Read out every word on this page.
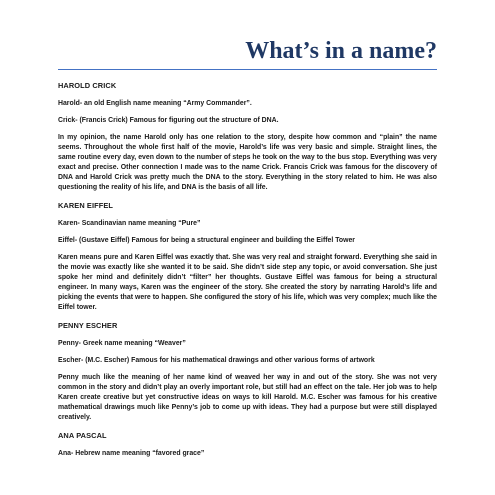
What’s in a name?
HAROLD CRICK
Harold- an old English name meaning “Army Commander”.
Crick- (Francis Crick) Famous for figuring out the structure of DNA.
In my opinion, the name Harold only has one relation to the story, despite how common and “plain” the name seems. Throughout the whole first half of the movie, Harold’s life was very basic and simple. Straight lines, the same routine every day, even down to the number of steps he took on the way to the bus stop. Everything was very exact and precise. Other connection I made was to the name Crick. Francis Crick was famous for the discovery of DNA and Harold Crick was pretty much the DNA to the story. Everything in the story related to him. He was also questioning the reality of his life, and DNA is the basis of all life.
KAREN EIFFEL
Karen- Scandinavian name meaning “Pure”
Eiffel- (Gustave Eiffel) Famous for being a structural engineer and building the Eiffel Tower
Karen means pure and Karen Eiffel was exactly that. She was very real and straight forward. Everything she said in the movie was exactly like she wanted it to be said. She didn’t side step any topic, or avoid conversation. She just spoke her mind and definitely didn’t “filter” her thoughts. Gustave Eiffel was famous for being a structural engineer. In many ways, Karen was the engineer of the story. She created the story by narrating Harold’s life and picking the events that were to happen. She configured the story of his life, which was very complex; much like the Eiffel tower.
PENNY ESCHER
Penny- Greek name meaning “Weaver”
Escher- (M.C. Escher) Famous for his mathematical drawings and other various forms of artwork
Penny much like the meaning of her name kind of weaved her way in and out of the story. She was not very common in the story and didn’t play an overly important role, but still had an effect on the tale. Her job was to help Karen create creative but yet constructive ideas on ways to kill Harold. M.C. Escher was famous for his creative mathematical drawings much like Penny’s job to come up with ideas. They had a purpose but were still displayed creatively.
ANA PASCAL
Ana- Hebrew name meaning “favored grace”
